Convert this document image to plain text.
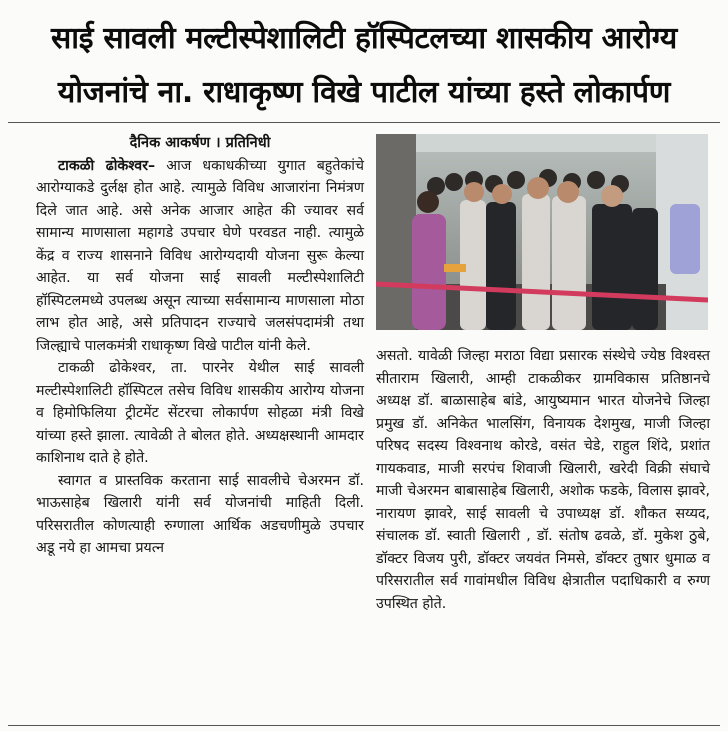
साई सावली मल्टीस्पेशालिटी हॉस्पिटलच्या शासकीय आरोग्य
योजनांचे ना. राधाकृष्ण विखे पाटील यांच्या हस्ते लोकार्पण

दैनिक आकर्षण । प्रतिनिधी

टाकळी ढोकेश्वर– आज धकाधकीच्या युगात बहुतेकांचे आरोग्याकडे दुर्लक्ष होत आहे. त्यामुळे विविध आजारांना निमंत्रण दिले जात आहे. असे अनेक आजार आहेत की ज्यावर सर्व सामान्य माणसाला महागडे उपचार घेणे परवडत नाही. त्यामुळे केंद्र व राज्य शासनाने विविध आरोग्यदायी योजना सुरू केल्या आहेत. या सर्व योजना साई सावली मल्टीस्पेशालिटी हॉस्पिटलमध्ये उपलब्ध असून त्याच्या सर्वसामान्य माणसाला मोठा लाभ होत आहे, असे प्रतिपादन राज्याचे जलसंपदामंत्री तथा जिल्ह्याचे पालकमंत्री राधाकृष्ण विखे पाटील यांनी केले.

टाकळी ढोकेश्वर, ता. पारनेर येथील साई सावली मल्टीस्पेशालिटी हॉस्पिटल तसेच विविध शासकीय आरोग्य योजना व हिमोफिलिया ट्रीटमेंट सेंटरचा लोकार्पण सोहळा मंत्री विखे यांच्या हस्ते झाला. त्यावेळी ते बोलत होते. अध्यक्षस्थानी आमदार काशिनाथ दाते हे होते.

स्वागत व प्रास्तविक करताना साई सावलीचे चेअरमन डॉ. भाऊसाहेब खिलारी यांनी सर्व योजनांची माहिती दिली. परिसरातील कोणत्याही रुग्णाला आर्थिक अडचणीमुळे उपचार अडू नये हा आमचा प्रयत्न

असतो. यावेळी जिल्हा मराठा विद्या प्रसारक संस्थेचे ज्येष्ठ विश्वस्त सीताराम खिलारी, आम्ही टाकळीकर ग्रामविकास प्रतिष्ठानचे अध्यक्ष डॉ. बाळासाहेब बांडे, आयुष्यमान भारत योजनेचे जिल्हा प्रमुख डॉ. अनिकेत भालसिंग, विनायक देशमुख, माजी जिल्हा परिषद सदस्य विश्वनाथ कोरडे, वसंत चेडे, राहुल शिंदे, प्रशांत गायकवाड, माजी सरपंच शिवाजी खिलारी, खरेदी विक्री संघाचे माजी चेअरमन बाबासाहेब खिलारी, अशोक फडके, विलास झावरे, नारायण झावरे, साई सावली चे उपाध्यक्ष डॉ. शौकत सय्यद, संचालक डॉ. स्वाती खिलारी , डॉ. संतोष ढवळे, डॉ. मुकेश ठुबे, डॉक्टर विजय पुरी, डॉक्टर जयवंत निमसे, डॉक्टर तुषार धुमाळ व परिसरातील सर्व गावांमधील विविध क्षेत्रातील पदाधिकारी व रुग्ण उपस्थित होते.
